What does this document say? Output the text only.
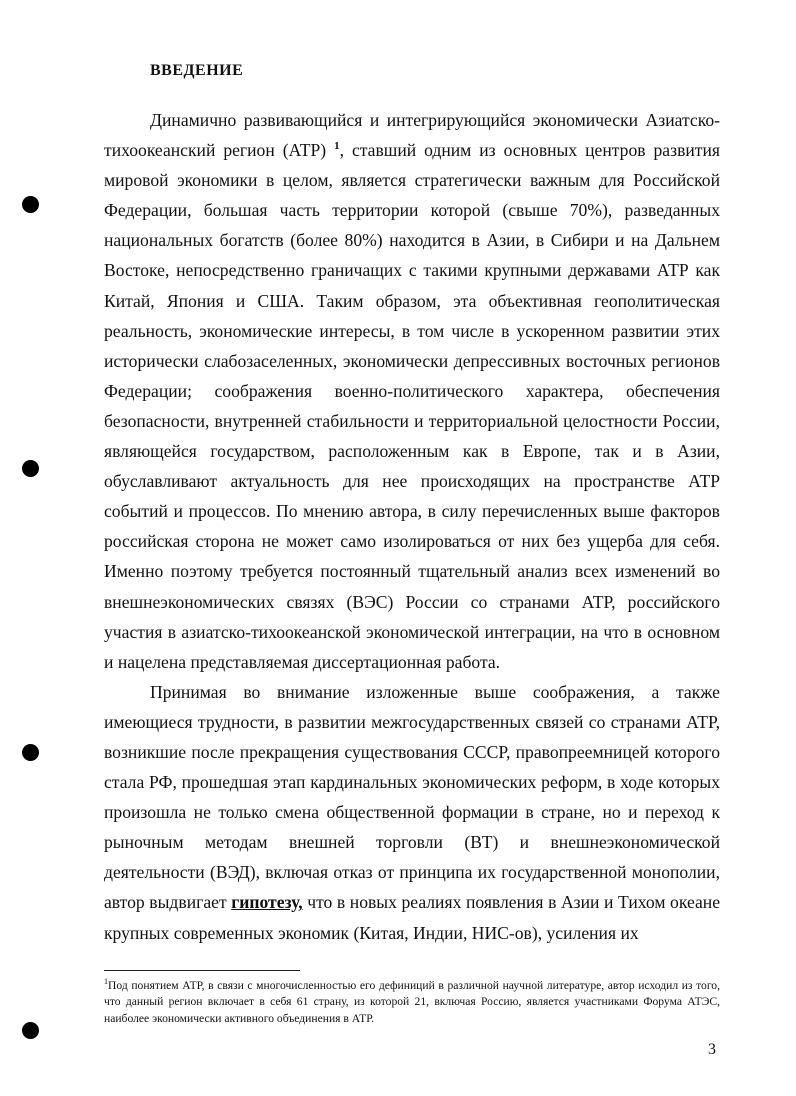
ВВЕДЕНИЕ

Динамично развивающийся и интегрирующийся экономически Азиатско-тихоокеанский регион (АТР) $^1$, ставший одним из основных центров развития мировой экономики в целом, является стратегически важным для Российской Федерации, большая часть территории которой (свыше 70%), разведанных национальных богатств (более 80%) находится в Азии, в Сибири и на Дальнем Востоке, непосредственно граничащих с такими крупными державами АТР как Китай, Япония и США. Таким образом, эта объективная геополитическая реальность, экономические интересы, в том числе в ускоренном развитии этих исторически слабозаселенных, экономически депрессивных восточных регионов Федерации; соображения военно-политического характера, обеспечения безопасности, внутренней стабильности и территориальной целостности России, являющейся государством, расположенным как в Европе, так и в Азии, обуславливают актуальность для нее происходящих на пространстве АТР событий и процессов. По мнению автора, в силу перечисленных выше факторов российская сторона не может само изолироваться от них без ущерба для себя. Именно поэтому требуется постоянный тщательный анализ всех изменений во внешнеэкономических связях (ВЭС) России со странами АТР, российского участия в азиатско-тихоокеанской экономической интеграции, на что в основном и нацелена представляемая диссертационная работа.

Принимая во внимание изложенные выше соображения, а также имеющиеся трудности, в развитии межгосударственных связей со странами АТР, возникшие после прекращения существования СССР, правопреемницей которого стала РФ, прошедшая этап кардинальных экономических реформ, в ходе которых произошла не только смена общественной формации в стране, но и переход к рыночным методам внешней торговли (ВТ) и внешнеэкономической деятельности (ВЭД), включая отказ от принципа их государственной монополии, автор выдвигает гипотезу, что в новых реалиях появления в Азии и Тихом океане крупных современных экономик (Китая, Индии, НИС-ов), усиления их

$^1$Под понятием АТР, в связи с многочисленностью его дефиниций в различной научной литературе, автор исходил из того, что данный регион включает в себя 61 страну, из которой 21, включая Россию, является участниками Форума АТЭС, наиболее экономически активного объединения в АТР.

3
